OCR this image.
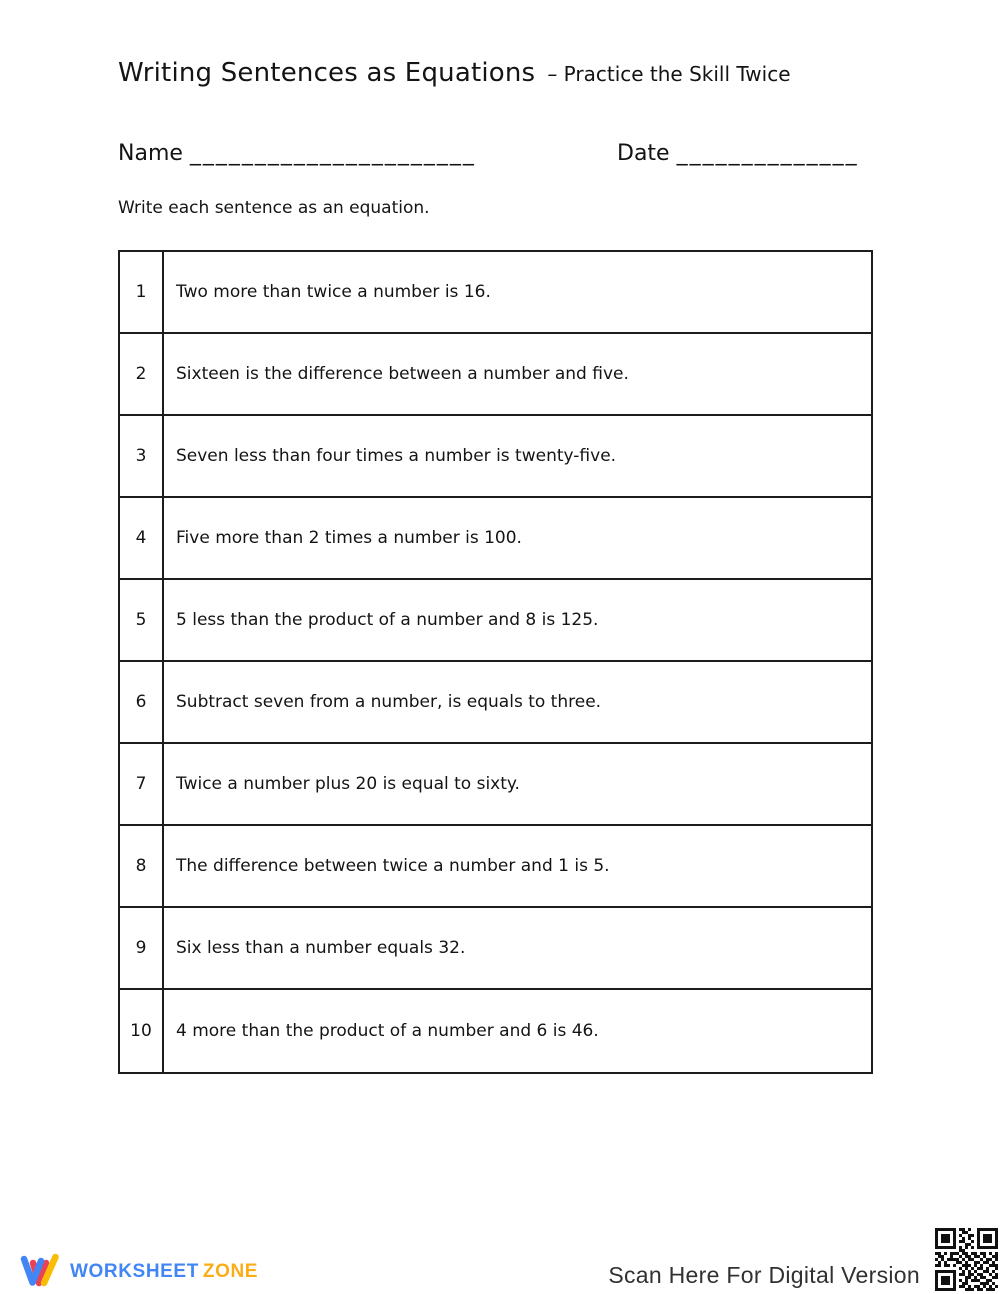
Writing Sentences as Equations – Practice the Skill Twice
Name ______________________	Date ______________
Write each sentence as an equation.
1	Two more than twice a number is 16.
2	Sixteen is the difference between a number and five.
3	Seven less than four times a number is twenty-five.
4	Five more than 2 times a number is 100.
5	5 less than the product of a number and 8 is 125.
6	Subtract seven from a number, is equals to three.
7	Twice a number plus 20 is equal to sixty.
8	The difference between twice a number and 1 is 5.
9	Six less than a number equals 32.
10	4 more than the product of a number and 6 is 46.
WORKSHEET ZONE	Scan Here For Digital Version
